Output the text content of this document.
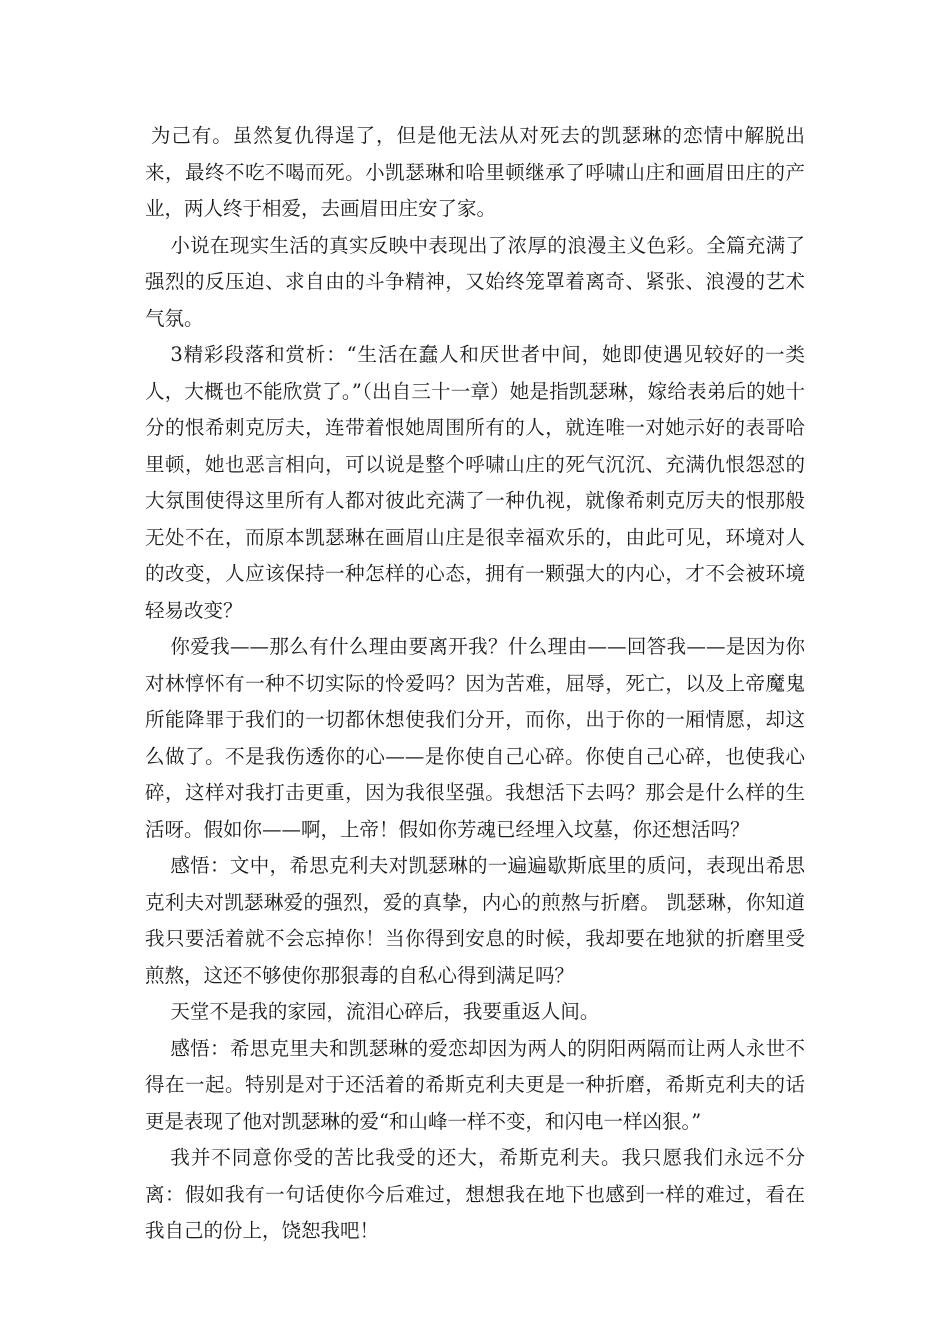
为己有。虽然复仇得逞了，但是他无法从对死去的凯瑟琳的恋情中解脱出来，最终不吃不喝而死。小凯瑟琳和哈里顿继承了呼啸山庄和画眉田庄的产业，两人终于相爱，去画眉田庄安了家。

小说在现实生活的真实反映中表现出了浓厚的浪漫主义色彩。全篇充满了强烈的反压迫、求自由的斗争精神，又始终笼罩着离奇、紧张、浪漫的艺术气氛。

3精彩段落和赏析：“生活在蠢人和厌世者中间，她即使遇见较好的一类人，大概也不能欣赏了。”（出自三十一章）她是指凯瑟琳，嫁给表弟后的她十分的恨希刺克厉夫，连带着恨她周围所有的人，就连唯一对她示好的表哥哈里顿，她也恶言相向，可以说是整个呼啸山庄的死气沉沉、充满仇恨怨怼的大氛围使得这里所有人都对彼此充满了一种仇视，就像希刺克厉夫的恨那般无处不在，而原本凯瑟琳在画眉山庄是很幸福欢乐的，由此可见，环境对人的改变，人应该保持一种怎样的心态，拥有一颗强大的内心，才不会被环境轻易改变？

你爱我——那么有什么理由要离开我？什么理由——回答我——是因为你对林惇怀有一种不切实际的怜爱吗？因为苦难，屈辱，死亡，以及上帝魔鬼所能降罪于我们的一切都休想使我们分开，而你，出于你的一厢情愿，却这么做了。不是我伤透你的心——是你使自己心碎。你使自己心碎，也使我心碎，这样对我打击更重，因为我很坚强。我想活下去吗？那会是什么样的生活呀。假如你——啊，上帝！假如你芳魂已经埋入坟墓，你还想活吗？

感悟：文中，希思克利夫对凯瑟琳的一遍遍歇斯底里的质问，表现出希思克利夫对凯瑟琳爱的强烈，爱的真挚，内心的煎熬与折磨。 凯瑟琳，你知道我只要活着就不会忘掉你！当你得到安息的时候，我却要在地狱的折磨里受煎熬，这还不够使你那狠毒的自私心得到满足吗？

天堂不是我的家园，流泪心碎后，我要重返人间。

感悟：希思克里夫和凯瑟琳的爱恋却因为两人的阴阳两隔而让两人永世不得在一起。特别是对于还活着的希斯克利夫更是一种折磨，希斯克利夫的话更是表现了他对凯瑟琳的爱“和山峰一样不变，和闪电一样凶狠。”

我并不同意你受的苦比我受的还大，希斯克利夫。我只愿我们永远不分离：假如我有一句话使你今后难过，想想我在地下也感到一样的难过，看在我自己的份上，饶恕我吧！
